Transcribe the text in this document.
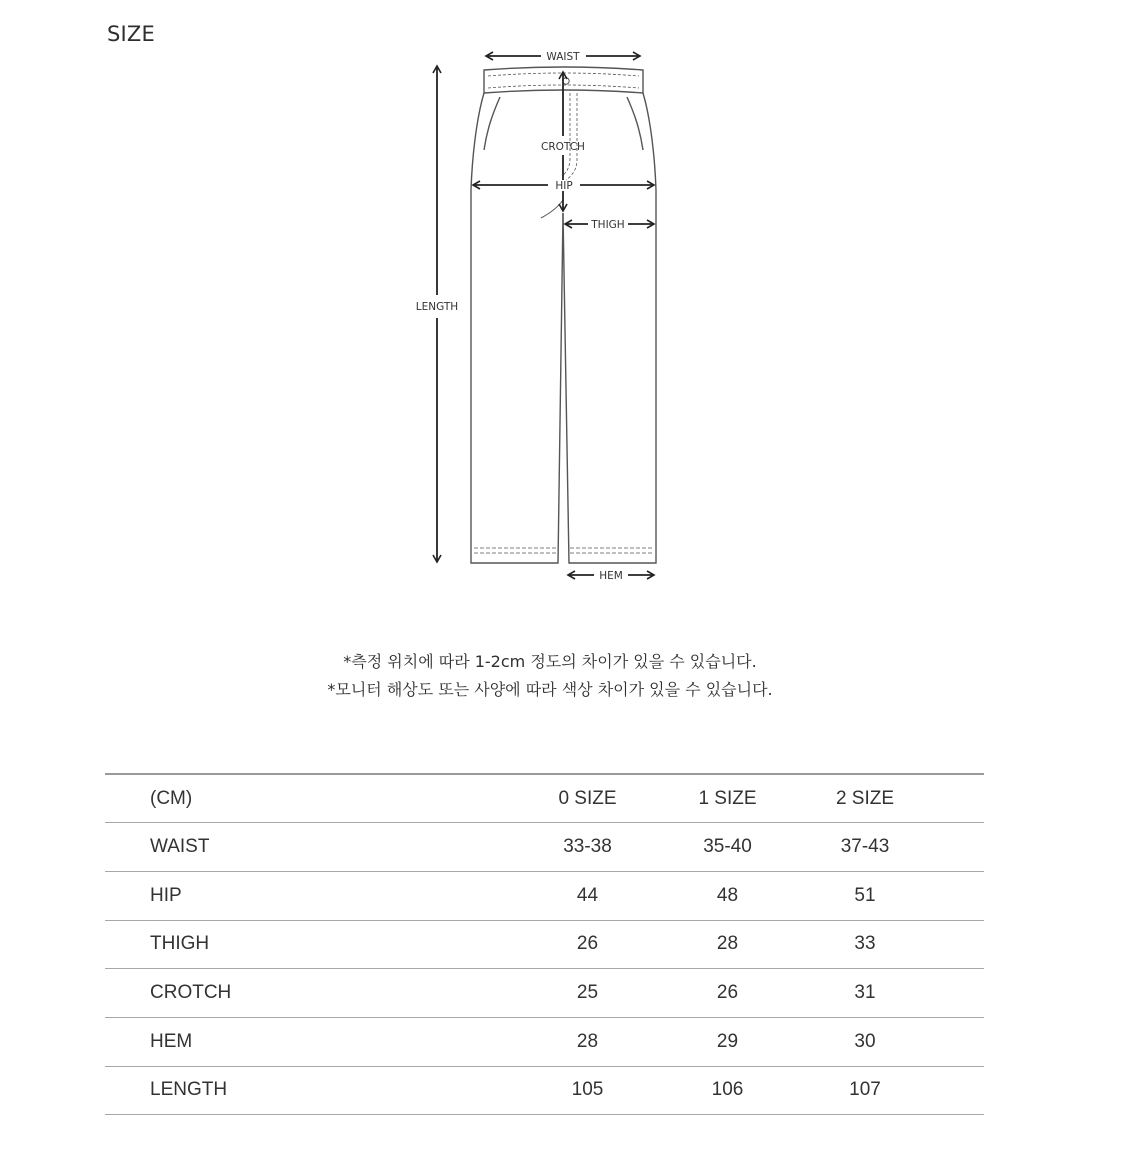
SIZE
WAIST
CROTCH
HIP
THIGH
LENGTH
HEM
*측정 위치에 따라 1-2cm 정도의 차이가 있을 수 있습니다.
*모니터 해상도 또는 사양에 따라 색상 차이가 있을 수 있습니다.
(CM)	0 SIZE	1 SIZE	2 SIZE	
WAIST	33-38	35-40	37-43	
HIP	44	48	51	
THIGH	26	28	33	
CROTCH	25	26	31	
HEM	28	29	30	
LENGTH	105	106	107	
